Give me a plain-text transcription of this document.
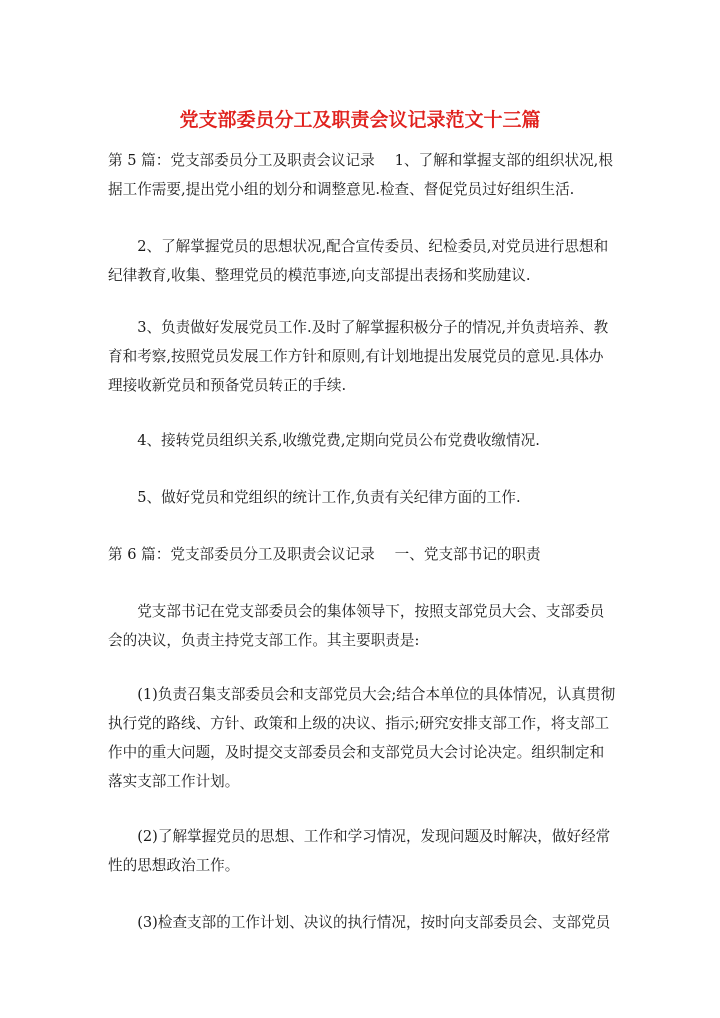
党支部委员分工及职责会议记录范文十三篇

第 5 篇：党支部委员分工及职责会议记录 1、了解和掌握支部的组织状况,根据工作需要,提出党小组的划分和调整意见.检查、督促党员过好组织生活.

2、了解掌握党员的思想状况,配合宣传委员、纪检委员,对党员进行思想和纪律教育,收集、整理党员的模范事迹,向支部提出表扬和奖励建议.

3、负责做好发展党员工作.及时了解掌握积极分子的情况,并负责培养、教育和考察,按照党员发展工作方针和原则,有计划地提出发展党员的意见.具体办理接收新党员和预备党员转正的手续.

4、接转党员组织关系,收缴党费,定期向党员公布党费收缴情况.

5、做好党员和党组织的统计工作,负责有关纪律方面的工作.

第 6 篇：党支部委员分工及职责会议记录 一、党支部书记的职责

党支部书记在党支部委员会的集体领导下，按照支部党员大会、支部委员会的决议，负责主持党支部工作。其主要职责是:

(1)负责召集支部委员会和支部党员大会;结合本单位的具体情况，认真贯彻执行党的路线、方针、政策和上级的决议、指示;研究安排支部工作，将支部工作中的重大问题，及时提交支部委员会和支部党员大会讨论决定。组织制定和落实支部工作计划。

(2)了解掌握党员的思想、工作和学习情况，发现问题及时解决，做好经常性的思想政治工作。

(3)检查支部的工作计划、决议的执行情况，按时向支部委员会、支部党员
